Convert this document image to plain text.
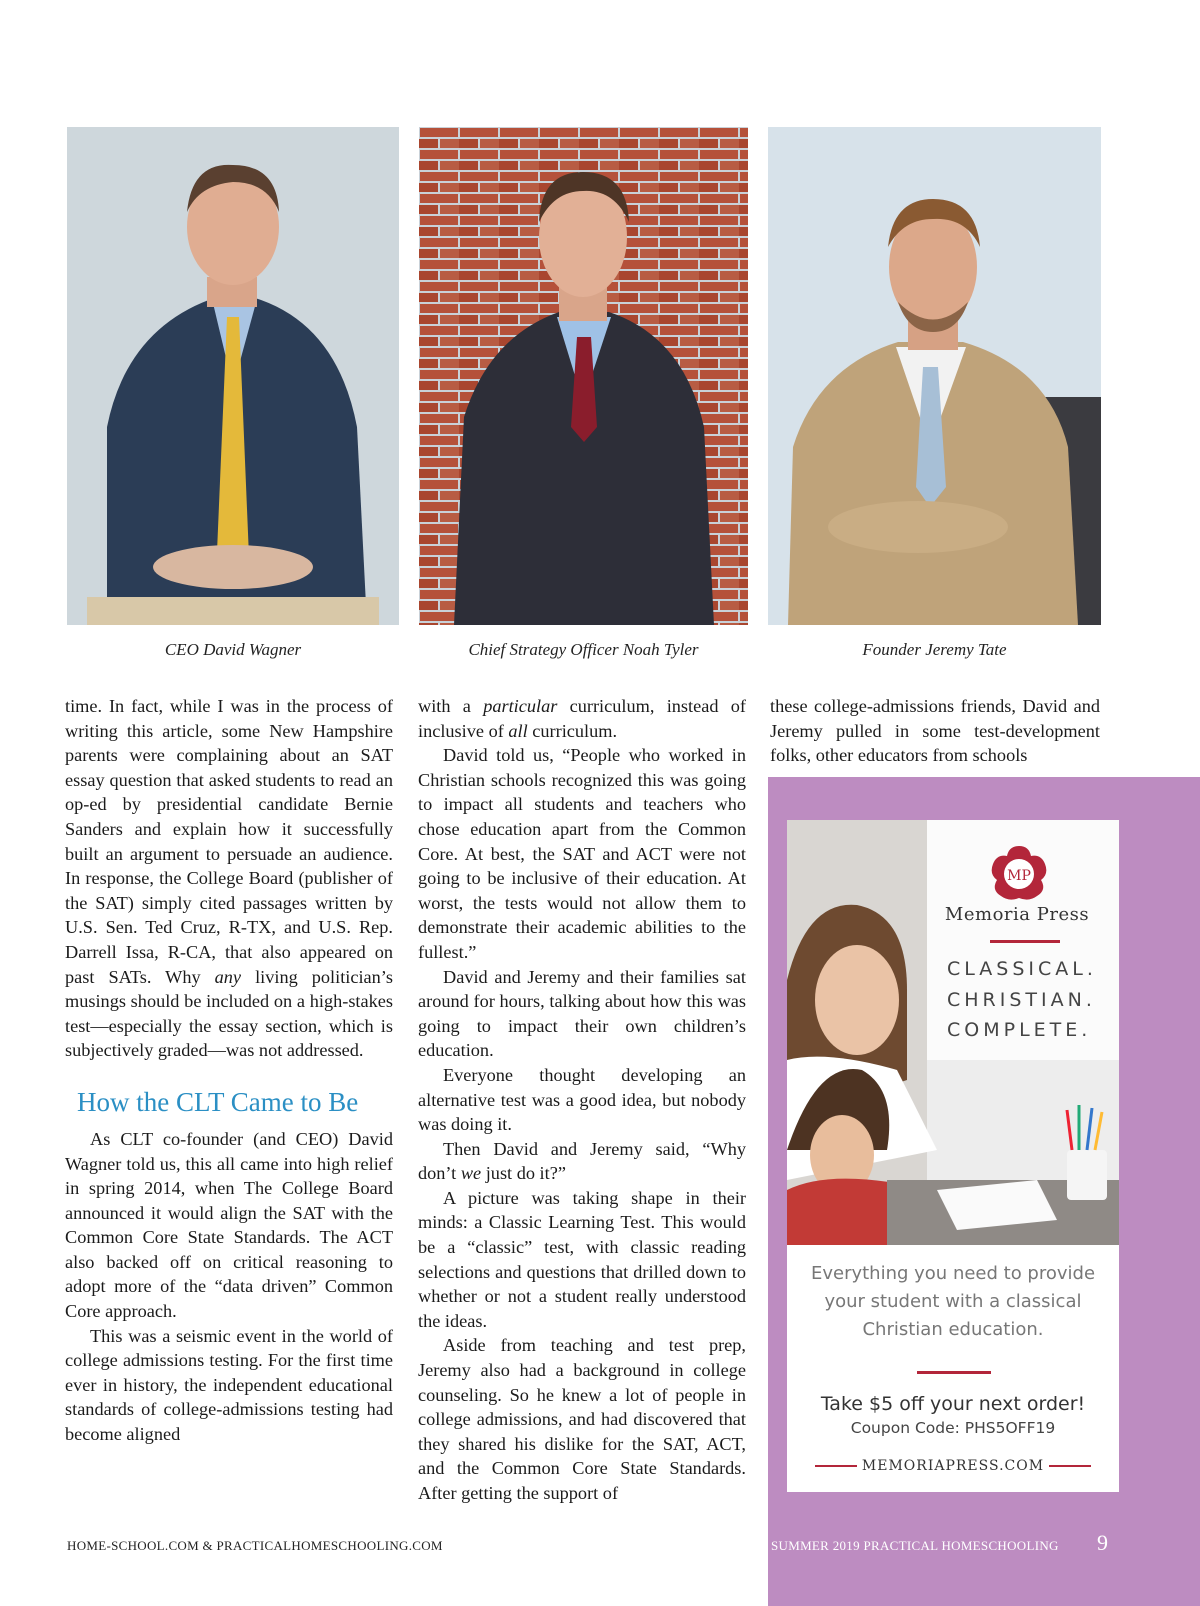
CEO David Wagner	Chief Strategy Officer Noah Tyler	Founder Jeremy Tate

time. In fact, while I was in the process of writing this article, some New Hampshire parents were complaining about an SAT essay question that asked students to read an op-ed by presidential candidate Bernie Sanders and explain how it successfully built an argument to persuade an audience. In response, the College Board (publisher of the SAT) simply cited passages written by U.S. Sen. Ted Cruz, R-TX, and U.S. Rep. Darrell Issa, R-CA, that also appeared on past SATs. Why any living politician’s musings should be included on a high-stakes test—especially the essay section, which is subjectively graded—was not addressed.

How the CLT Came to Be

As CLT co-founder (and CEO) David Wagner told us, this all came into high relief in spring 2014, when The College Board announced it would align the SAT with the Common Core State Standards. The ACT also backed off on critical reasoning to adopt more of the “data driven” Common Core approach.

This was a seismic event in the world of college admissions testing. For the first time ever in history, the independent educational standards of college-admissions testing had become aligned

with a particular curriculum, instead of inclusive of all curriculum.

David told us, “People who worked in Christian schools recognized this was going to impact all students and teachers who chose education apart from the Common Core. At best, the SAT and ACT were not going to be inclusive of their education. At worst, the tests would not allow them to demonstrate their academic abilities to the fullest.”

David and Jeremy and their families sat around for hours, talking about how this was going to impact their own children’s education.

Everyone thought developing an alternative test was a good idea, but nobody was doing it.

Then David and Jeremy said, “Why don’t we just do it?”

A picture was taking shape in their minds: a Classic Learning Test. This would be a “classic” test, with classic reading selections and questions that drilled down to whether or not a student really understood the ideas.

Aside from teaching and test prep, Jeremy also had a background in college counseling. So he knew a lot of people in college admissions, and had discovered that they shared his dislike for the SAT, ACT, and the Common Core State Standards. After getting the support of

these college-admissions friends, David and Jeremy pulled in some test-development folks, other educators from schools

MP
Memoria Press
CLASSICAL.
CHRISTIAN.
COMPLETE.
Everything you need to provide your student with a classical Christian education.
Take $5 off your next order!
Coupon Code: PHS5OFF19
MEMORIAPRESS.COM
HOME-SCHOOL.COM & PRACTICALHOMESCHOOLING.COM	SUMMER 2019 PRACTICAL HOMESCHOOLING 9
